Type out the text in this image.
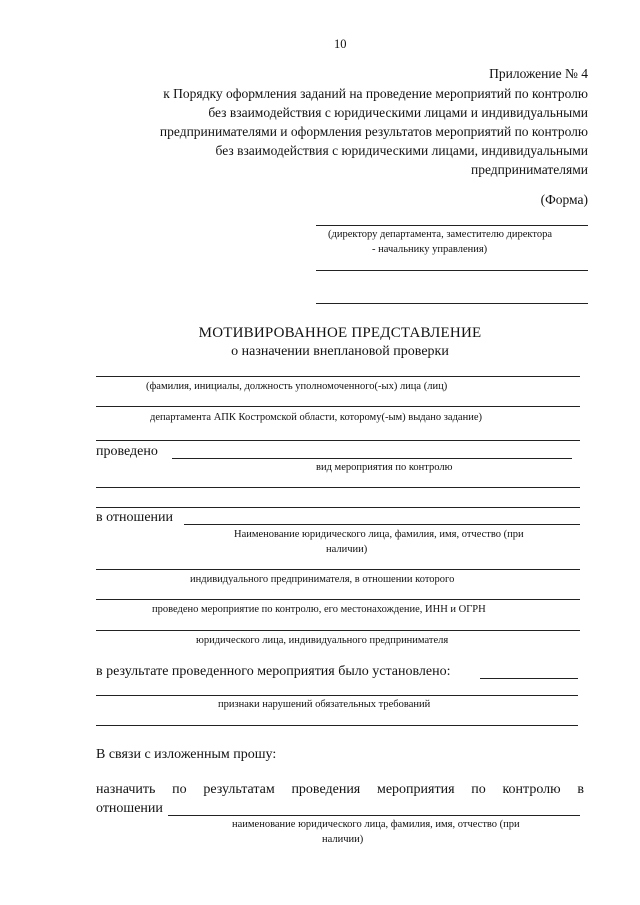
10
Приложение № 4
к Порядку оформления заданий на проведение мероприятий по контролю
без взаимодействия с юридическими лицами и индивидуальными
предпринимателями и оформления результатов мероприятий по контролю
без взаимодействия с юридическими лицами, индивидуальными
предпринимателями
(Форма)
(директору департамента, заместителю директора
- начальнику управления)
МОТИВИРОВАННОЕ ПРЕДСТАВЛЕНИЕ
о назначении внеплановой проверки
(фамилия, инициалы, должность уполномоченного(-ых) лица (лиц)
департамента АПК Костромской области, которому(-ым) выдано задание)
проведено
вид мероприятия по контролю
в отношении
Наименование юридического лица, фамилия, имя, отчество (при
наличии)
индивидуального предпринимателя, в отношении которого
проведено мероприятие по контролю, его местонахождение, ИНН и ОГРН
юридического лица, индивидуального предпринимателя
в результате проведенного мероприятия было установлено:
признаки нарушений обязательных требований
В связи с изложенным прошу:
назначить по результатам проведения мероприятия по контролю в
отношении
наименование юридического лица, фамилия, имя, отчество (при
наличии)
